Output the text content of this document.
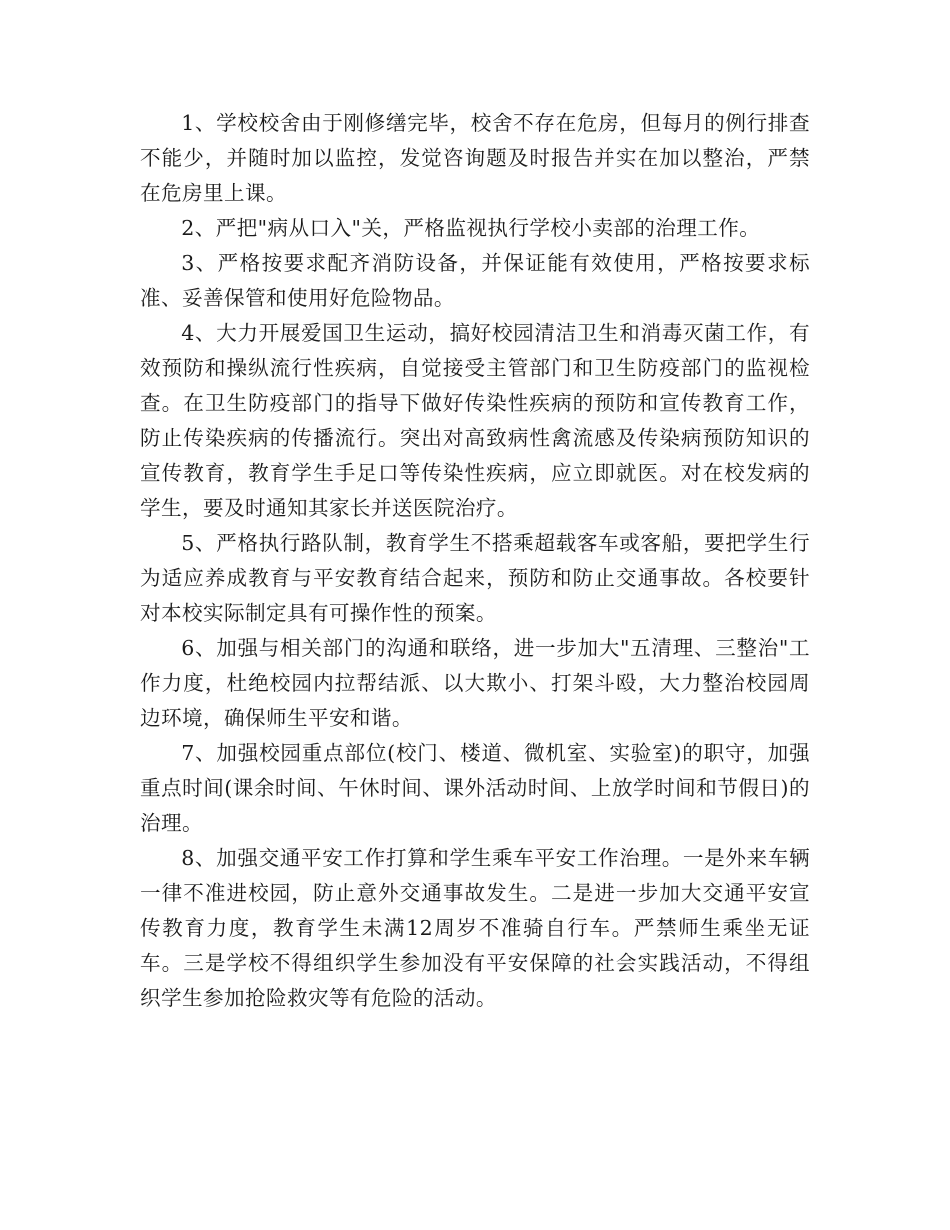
1、学校校舍由于刚修缮完毕，校舍不存在危房，但每月的例行排查不能少，并随时加以监控，发觉咨询题及时报告并实在加以整治，严禁在危房里上课。

2、严把"病从口入"关，严格监视执行学校小卖部的治理工作。

3、严格按要求配齐消防设备，并保证能有效使用，严格按要求标准、妥善保管和使用好危险物品。

4、大力开展爱国卫生运动，搞好校园清洁卫生和消毒灭菌工作，有效预防和操纵流行性疾病，自觉接受主管部门和卫生防疫部门的监视检查。在卫生防疫部门的指导下做好传染性疾病的预防和宣传教育工作，防止传染疾病的传播流行。突出对高致病性禽流感及传染病预防知识的宣传教育，教育学生手足口等传染性疾病，应立即就医。对在校发病的学生，要及时通知其家长并送医院治疗。

5、严格执行路队制，教育学生不搭乘超载客车或客船，要把学生行为适应养成教育与平安教育结合起来，预防和防止交通事故。各校要针对本校实际制定具有可操作性的预案。

6、加强与相关部门的沟通和联络，进一步加大"五清理、三整治"工作力度，杜绝校园内拉帮结派、以大欺小、打架斗殴，大力整治校园周边环境，确保师生平安和谐。

7、加强校园重点部位(校门、楼道、微机室、实验室)的职守，加强重点时间(课余时间、午休时间、课外活动时间、上放学时间和节假日)的治理。

8、加强交通平安工作打算和学生乘车平安工作治理。一是外来车辆一律不准进校园，防止意外交通事故发生。二是进一步加大交通平安宣传教育力度，教育学生未满12周岁不准骑自行车。严禁师生乘坐无证车。三是学校不得组织学生参加没有平安保障的社会实践活动，不得组织学生参加抢险救灾等有危险的活动。
